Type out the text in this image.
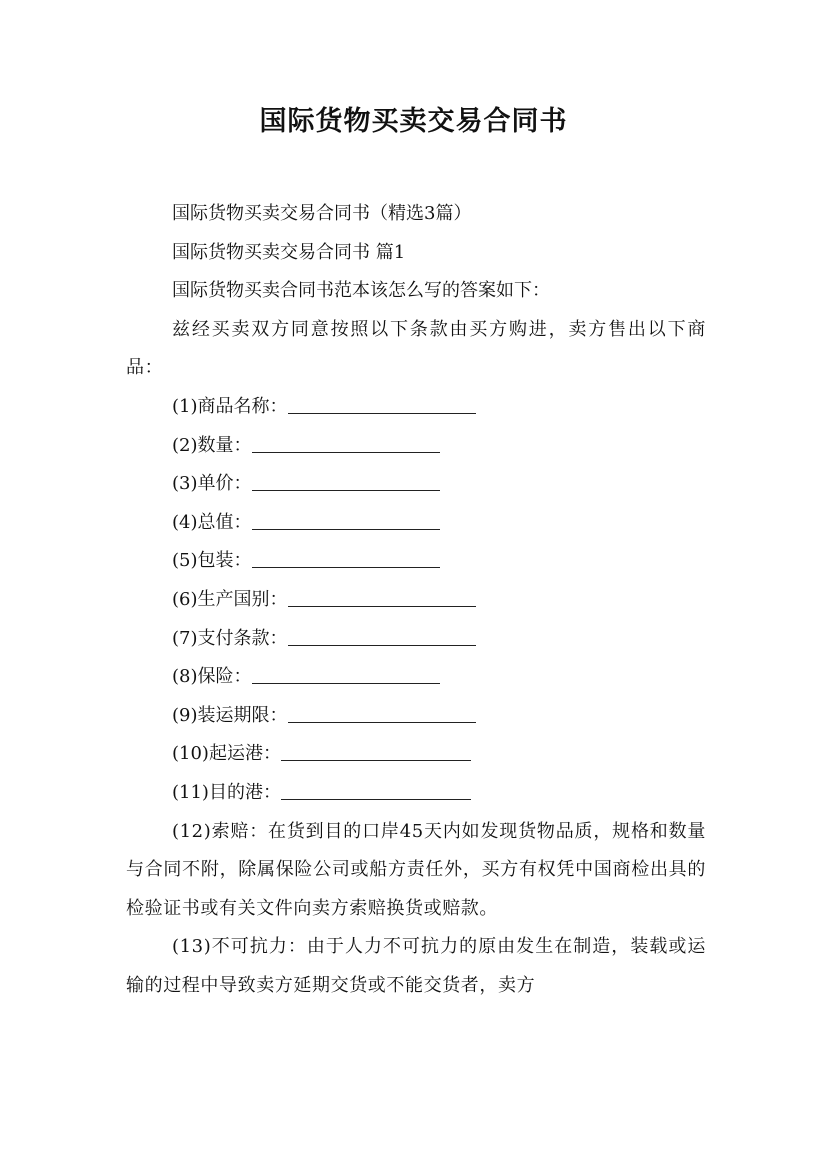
国际货物买卖交易合同书

国际货物买卖交易合同书（精选3篇）

国际货物买卖交易合同书 篇1

国际货物买卖合同书范本该怎么写的答案如下：

兹经买卖双方同意按照以下条款由买方购进，卖方售出以下商品：

(1)商品名称：

(2)数量：

(3)单价：

(4)总值：

(5)包装：

(6)生产国别：

(7)支付条款：

(8)保险：

(9)装运期限：

(10)起运港：

(11)目的港：

(12)索赔：在货到目的口岸45天内如发现货物品质，规格和数量与合同不附，除属保险公司或船方责任外，买方有权凭中国商检出具的检验证书或有关文件向卖方索赔换货或赔款。

(13)不可抗力：由于人力不可抗力的原由发生在制造，装载或运输的过程中导致卖方延期交货或不能交货者，卖方
